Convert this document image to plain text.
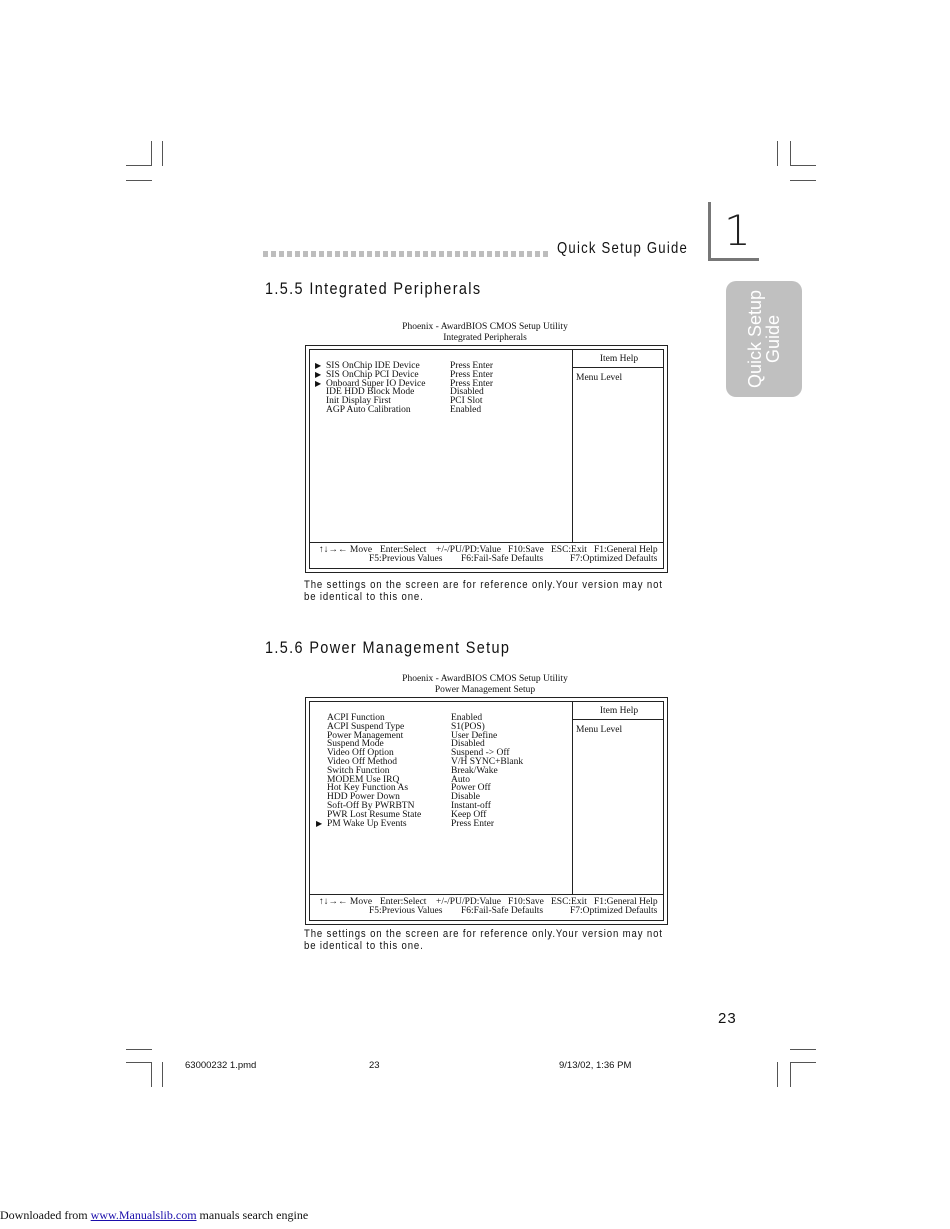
Quick Setup Guide 1
Quick Setup
Guide
1.5.5 Integrated Peripherals
Phoenix - AwardBIOS CMOS Setup Utility
Integrated Peripherals
Item Help
Menu Level
▶ SIS OnChip IDE Device	Press Enter
▶ SIS OnChip PCI Device	Press Enter
▶ Onboard Super IO Device	Press Enter
IDE HDD Block Mode	Disabled
Init Display First	PCI Slot
AGP Auto Calibration	Enabled
↑↓→← Move Enter:Select +/-/PU/PD:Value F10:Save ESC:Exit F1:General Help
F5:Previous Values F6:Fail-Safe Defaults	F7:Optimized Defaults
The settings on the screen are for reference only.Your version may not be identical to this one.
1.5.6 Power Management Setup
Phoenix - AwardBIOS CMOS Setup Utility
Power Management Setup
Item Help
Menu Level
ACPI Function	Enabled
ACPI Suspend Type	S1(POS)
Power Management	User Define
Suspend Mode	Disabled
Video Off Option	Suspend -> Off
Video Off Method	V/H SYNC+Blank
Switch Function	Break/Wake
MODEM Use IRQ	Auto
Hot Key Function As	Power Off
HDD Power Down	Disable
Soft-Off By PWRBTN	Instant-off
PWR Lost Resume State	Keep Off
▶ PM Wake Up Events	Press Enter
↑↓→← Move Enter:Select +/-/PU/PD:Value F10:Save ESC:Exit F1:General Help
F5:Previous Values F6:Fail-Safe Defaults	F7:Optimized Defaults
The settings on the screen are for reference only.Your version may not be identical to this one.
23
63000232 1.pmd	23	9/13/02, 1:36 PM
Downloaded from www.Manualslib.com manuals search engine
